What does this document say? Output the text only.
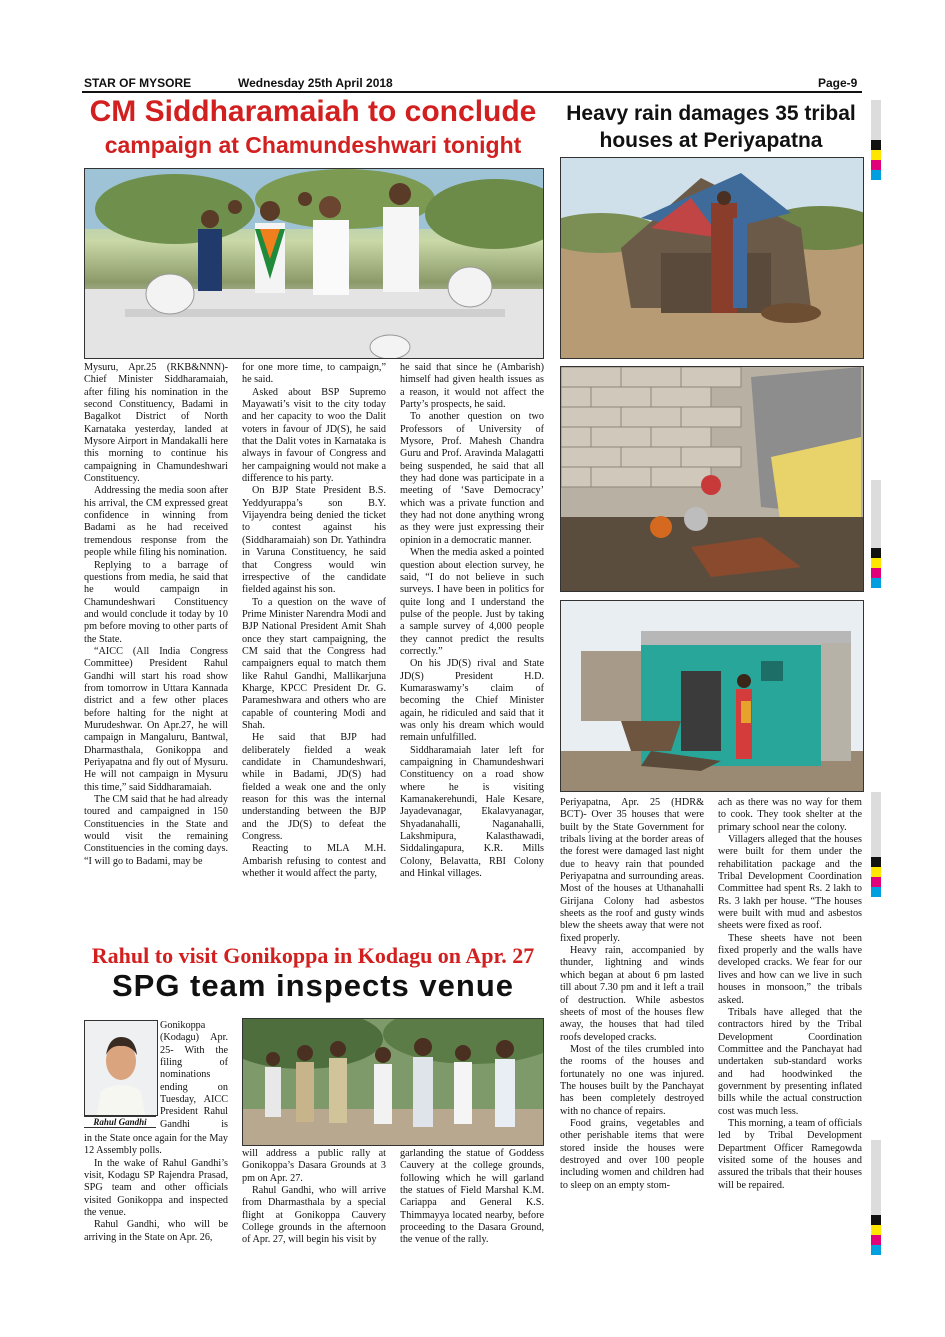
STAR OF MYSORE	Wednesday 25th April 2018	Page-9
CM Siddharamaiah to conclude
campaign at Chamundeshwari tonight

Mysuru, Apr.25 (RKB&NNN)- Chief Minister Siddharamaiah, after filing his nomination in the second Constituency, Badami in Bagalkot District of North Karnataka yesterday, landed at Mysore Airport in Mandakalli here this morning to continue his campaigning in Chamundeshwari Constituency.

Addressing the media soon after his arrival, the CM expressed great confidence in winning from Badami as he had received tremendous response from the people while filing his nomination.

Replying to a barrage of questions from media, he said that he would campaign in Chamundeshwari Constituency and would conclude it today by 10 pm before moving to other parts of the State.

“AICC (All India Congress Committee) President Rahul Gandhi will start his road show from tomorrow in Uttara Kannada district and a few other places before halting for the night at Murudeshwar. On Apr.27, he will campaign in Mangaluru, Bantwal, Dharmasthala, Gonikoppa and Periyapatna and fly out of Mysuru. He will not campaign in Mysuru this time,” said Siddharamaiah.

The CM said that he had already toured and campaigned in 150 Constituencies in the State and would visit the remaining Constituencies in the coming days. “I will go to Badami, may be

for one more time, to campaign,” he said.

Asked about BSP Supremo Mayawati’s visit to the city today and her capacity to woo the Dalit voters in favour of JD(S), he said that the Dalit votes in Karnataka is always in favour of Congress and her campaigning would not make a difference to his party.

On BJP State President B.S. Yeddyurappa’s son B.Y. Vijayendra being denied the ticket to contest against his (Siddharamaiah) son Dr. Yathindra in Varuna Constituency, he said that Congress would win irrespective of the candidate fielded against his son.

To a question on the wave of Prime Minister Narendra Modi and BJP National President Amit Shah once they start campaigning, the CM said that the Congress had campaigners equal to match them like Rahul Gandhi, Mallikarjuna Kharge, KPCC President Dr. G. Parameshwara and others who are capable of countering Modi and Shah.

He said that BJP had deliberately fielded a weak candidate in Chamundeshwari, while in Badami, JD(S) had fielded a weak one and the only reason for this was the internal understanding between the BJP and the JD(S) to defeat the Congress.

Reacting to MLA M.H. Ambarish refusing to contest and whether it would affect the party,

he said that since he (Ambarish) himself had given health issues as a reason, it would not affect the Party’s prospects, he said.

To another question on two Professors of University of Mysore, Prof. Mahesh Chandra Guru and Prof. Aravinda Malagatti being suspended, he said that all they had done was participate in a meeting of ‘Save Democracy’ which was a private function and they had not done anything wrong as they were just expressing their opinion in a democratic manner.

When the media asked a pointed question about election survey, he said, “I do not believe in such surveys. I have been in politics for quite long and I understand the pulse of the people. Just by taking a sample survey of 4,000 people they cannot predict the results correctly.”

On his JD(S) rival and State JD(S) President H.D. Kumaraswamy’s claim of becoming the Chief Minister again, he ridiculed and said that it was only his dream which would remain unfulfilled.

Siddharamaiah later left for campaigning in Chamundeshwari Constituency on a road show where he is visiting Kamanakerehundi, Hale Kesare, Jayadevanagar, Ekalavyanagar, Shyadanahalli, Naganahalli, Lakshmipura, Kalasthawadi, Siddalingapura, K.R. Mills Colony, Belavatta, RBI Colony and Hinkal villages.

Heavy rain damages 35 tribal houses at Periyapatna

Periyapatna, Apr. 25 (HDR& BCT)- Over 35 houses that were built by the State Government for tribals living at the border areas of the forest were damaged last night due to heavy rain that pounded Periyapatna and surrounding areas. Most of the houses at Uthanahalli Girijana Colony had asbestos sheets as the roof and gusty winds blew the sheets away that were not fixed properly.

Heavy rain, accompanied by thunder, lightning and winds which began at about 6 pm lasted till about 7.30 pm and it left a trail of destruction. While asbestos sheets of most of the houses flew away, the houses that had tiled roofs developed cracks.

Most of the tiles crumbled into the rooms of the houses and fortunately no one was injured. The houses built by the Panchayat has been completely destroyed with no chance of repairs.

Food grains, vegetables and other perishable items that were stored inside the houses were destroyed and over 100 people including women and children had to sleep on an empty stom-

ach as there was no way for them to cook. They took shelter at the primary school near the colony.

Villagers alleged that the houses were built for them under the rehabilitation package and the Tribal Development Coordination Committee had spent Rs. 2 lakh to Rs. 3 lakh per house. “The houses were built with mud and asbestos sheets were fixed as roof.

These sheets have not been fixed properly and the walls have developed cracks. We fear for our lives and how can we live in such houses in monsoon,” the tribals asked.

Tribals have alleged that the contractors hired by the Tribal Development Coordination Committee and the Panchayat had undertaken sub-standard works and had hoodwinked the government by presenting inflated bills while the actual construction cost was much less.

This morning, a team of officials led by Tribal Development Department Officer Ramegowda visited some of the houses and assured the tribals that their houses will be repaired.

Rahul to visit Gonikoppa in Kodagu on Apr. 27
SPG team inspects venue
Rahul Gandhi

Gonikoppa (Kodagu) Apr. 25- With the filing of nominations ending on Tuesday, AICC President Rahul Gandhi is

in the State once again for the May 12 Assembly polls.

In the wake of Rahul Gandhi’s visit, Kodagu SP Rajendra Prasad, SPG team and other officials visited Gonikoppa and inspected the venue.

Rahul Gandhi, who will be arriving in the State on Apr. 26,

will address a public rally at Gonikoppa’s Dasara Grounds at 3 pm on Apr. 27.

Rahul Gandhi, who will arrive from Dharmasthala by a special flight at Gonikoppa Cauvery College grounds in the afternoon of Apr. 27, will begin his visit by

garlanding the statue of Goddess Cauvery at the college grounds, following which he will garland the statues of Field Marshal K.M. Cariappa and General K.S. Thimmayya located nearby, before proceeding to the Dasara Ground, the venue of the rally.
